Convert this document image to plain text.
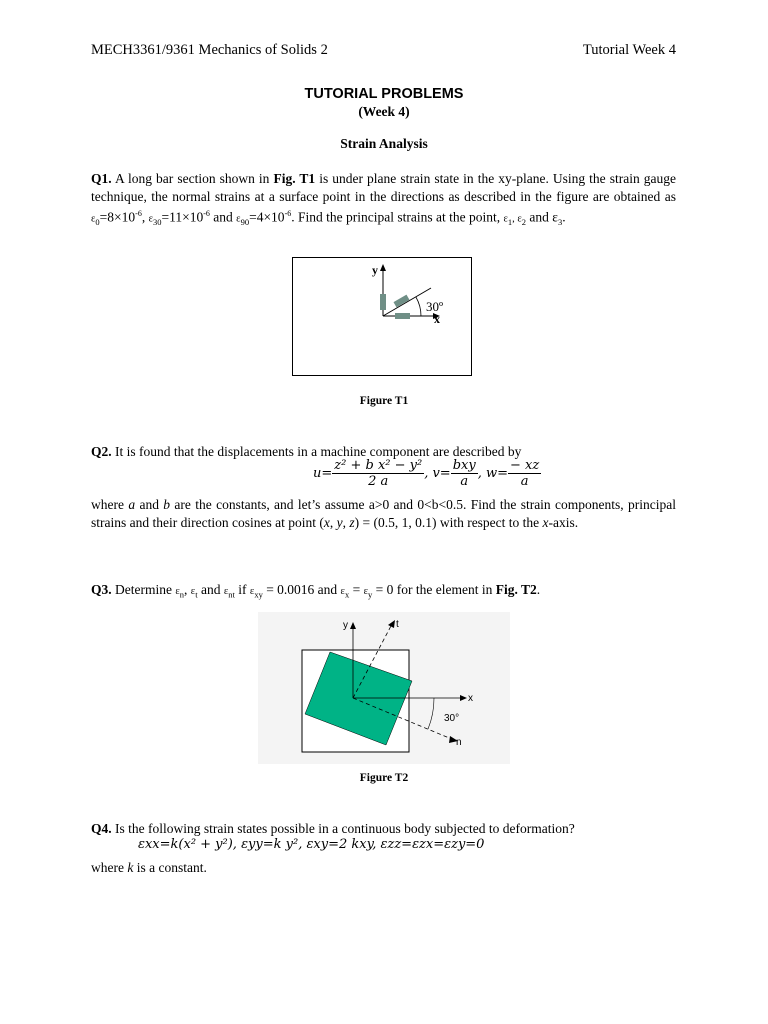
MECH3361/9361 Mechanics of Solids 2	Tutorial Week 4
TUTORIAL PROBLEMS
(Week 4)
Strain Analysis
Q1. A long bar section shown in Fig. T1 is under plane strain state in the xy-plane. Using the strain gauge technique, the normal strains at a surface point in the directions as described in the figure are obtained as $\varepsilon_0=8\times 10^{-6}$, $\varepsilon_{30}=11\times 10^{-6}$ and $\varepsilon_{90}=4\times 10^{-6}$. Find the principal strains at the point, $\varepsilon_1$, $\varepsilon_2$ and $\varepsilon_3$.
y
x
30º
Figure T1
Q2. It is found that the displacements in a machine component are described by
$u= \frac{\text{z² + b x² − y²}}{2 a}$ , $v= \frac{\text{bxy}}{a}$ , $w= \frac{- xz}{a}$
where a and b are the constants, and let’s assume a>0 and 0<b<0.5. Find the strain components, principal strains and their direction cosines at point (x, y, z) = (0.5, 1, 0.1) with respect to the x-axis.
Q3. Determine $\varepsilon_n$, $\varepsilon_t$ and $\varepsilon_{nt}$ if $\varepsilon_{xy} = 0.0016$ and $\varepsilon_x = \varepsilon_y = 0$ for the element in Fig. T2.
y	t
x
n
30°
Figure T2
Q4. Is the following strain states possible in a continuous body subjected to deformation?
εxx=k(x² + y²), εyy=k y², εxy=2 kxy, εzz=εzx=εzy=0
where k is a constant.
